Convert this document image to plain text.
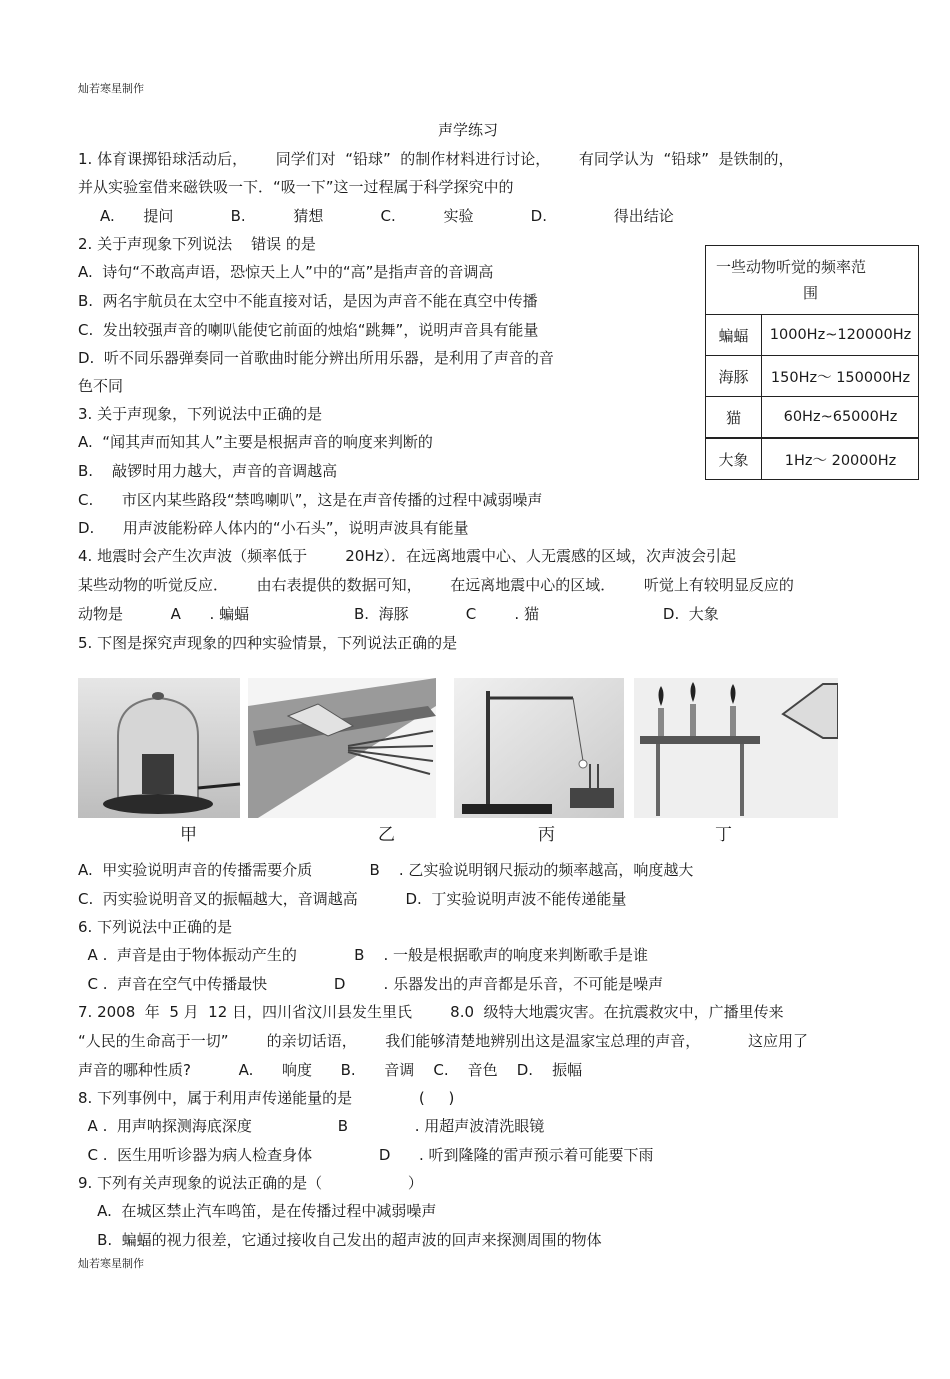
灿若寒星制作
声学练习
1. 体育课掷铅球活动后，      同学们对  “铅球”  的制作材料进行讨论，      有同学认为  “铅球”  是铁制的，
并从实验室借来磁铁吸一下．“吸一下”这一过程属于科学探究中的
A.      提问            B.          猜想            C.          实验            D.              得出结论
2. 关于声现象下列说法    错误 的是
A.  诗句“不敢高声语，恐惊天上人”中的“高”是指声音的音调高
B.  两名宇航员在太空中不能直接对话，是因为声音不能在真空中传播
C.  发出较强声音的喇叭能使它前面的烛焰“跳舞”，说明声音具有能量
D.  听不同乐器弹奏同一首歌曲时能分辨出所用乐器，是利用了声音的音
色不同
一些动物听觉的频率范
围
蝙蝠	1000Hz~120000Hz
海豚	150Hz～ 150000Hz
猫	60Hz~65000Hz
大象	1Hz～ 20000Hz
3. 关于声现象，下列说法中正确的是
A.  “闻其声而知其人”主要是根据声音的响度来判断的
B.    敲锣时用力越大，声音的音调越高
C.      市区内某些路段“禁鸣喇叭”，这是在声音传播的过程中减弱噪声
D.      用声波能粉碎人体内的“小石头”，说明声波具有能量
4. 地震时会产生次声波（频率低于        20Hz）．在远离地震中心、人无震感的区域，次声波会引起
某些动物的听觉反应．      由右表提供的数据可知，      在远离地震中心的区域．      听觉上有较明显反应的
动物是          A      . 蝙蝠                      B.  海豚            C        . 猫                          D.  大象
5. 下图是探究声现象的四种实验情景，下列说法正确的是
甲	乙	丙	丁
A.  甲实验说明声音的传播需要介质            B    . 乙实验说明钢尺振动的频率越高，响度越大
C.  丙实验说明音叉的振幅越大，音调越高          D.  丁实验说明声波不能传递能量
6. 下列说法中正确的是
A .  声音是由于物体振动产生的            B    . 一般是根据歌声的响度来判断歌手是谁
C .  声音在空气中传播最快              D        . 乐器发出的声音都是乐音，不可能是噪声
7. 2008  年  5 月  12 日，四川省汶川县发生里氏        8.0  级特大地震灾害。在抗震救灾中，广播里传来
“人民的生命高于一切”        的亲切话语，      我们能够清楚地辨别出这是温家宝总理的声音，          这应用了
声音的哪种性质?          A.      响度      B.      音调    C.    音色    D.    振幅
8. 下列事例中，属于利用声传递能量的是              (     )
A .  用声呐探测海底深度                  B              . 用超声波清洗眼镜
C .  医生用听诊器为病人检查身体              D      . 听到隆隆的雷声预示着可能要下雨
9. 下列有关声现象的说法正确的是（                  ）
A.  在城区禁止汽车鸣笛，是在传播过程中减弱噪声
B.  蝙蝠的视力很差，它通过接收自己发出的超声波的回声来探测周围的物体
灿若寒星制作
